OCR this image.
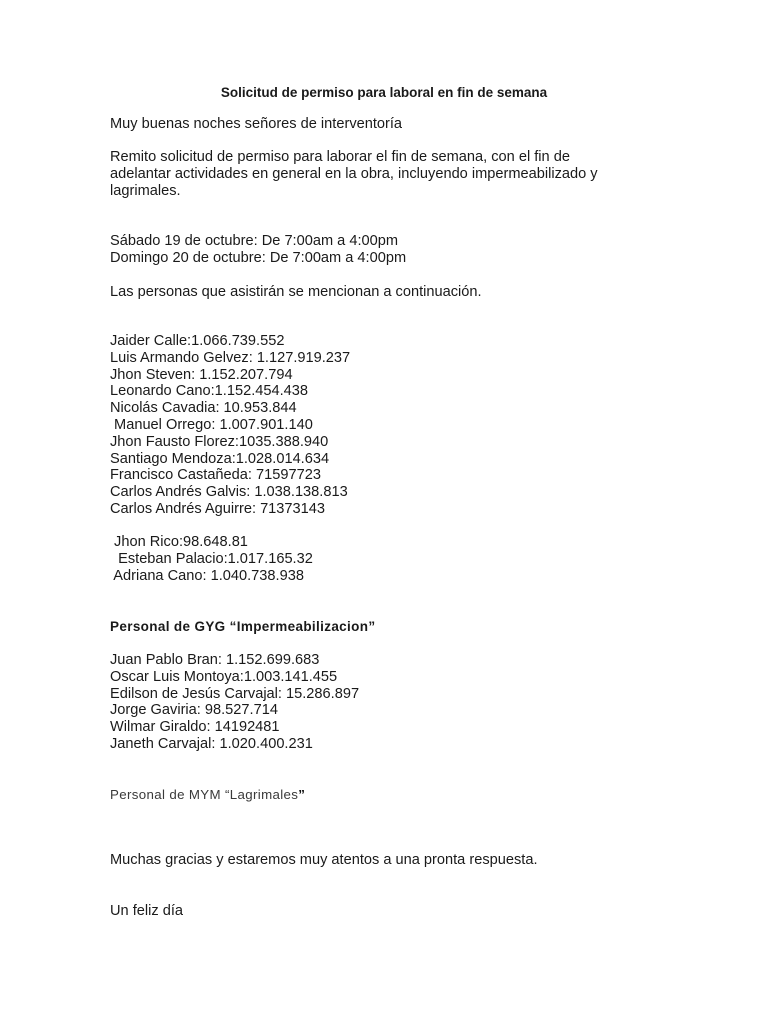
Solicitud de permiso para laboral en fin de semana
Muy buenas noches señores de interventoría
Remito solicitud de permiso para laborar el fin de semana, con el fin de
adelantar actividades en general en la obra, incluyendo impermeabilizado y
lagrimales.
Sábado 19 de octubre: De 7:00am a 4:00pm
Domingo 20 de octubre: De 7:00am a 4:00pm
Las personas que asistirán se mencionan a continuación.
Jaider Calle:1.066.739.552
Luis Armando Gelvez: 1.127.919.237
Jhon Steven: 1.152.207.794
Leonardo Cano:1.152.454.438
Nicolás Cavadia: 10.953.844
Manuel Orrego: 1.007.901.140
Jhon Fausto Florez:1035.388.940
Santiago Mendoza:1.028.014.634
Francisco Castañeda: 71597723
Carlos Andrés Galvis: 1.038.138.813
Carlos Andrés Aguirre: 71373143
Jhon Rico:98.648.81
Esteban Palacio:1.017.165.32
Adriana Cano: 1.040.738.938
Personal de GYG “Impermeabilizacion”
Juan Pablo Bran: 1.152.699.683
Oscar Luis Montoya:1.003.141.455
Edilson de Jesús Carvajal: 15.286.897
Jorge Gaviria: 98.527.714
Wilmar Giraldo: 14192481
Janeth Carvajal: 1.020.400.231
Personal de MYM “Lagrimales”
Muchas gracias y estaremos muy atentos a una pronta respuesta.
Un feliz día
